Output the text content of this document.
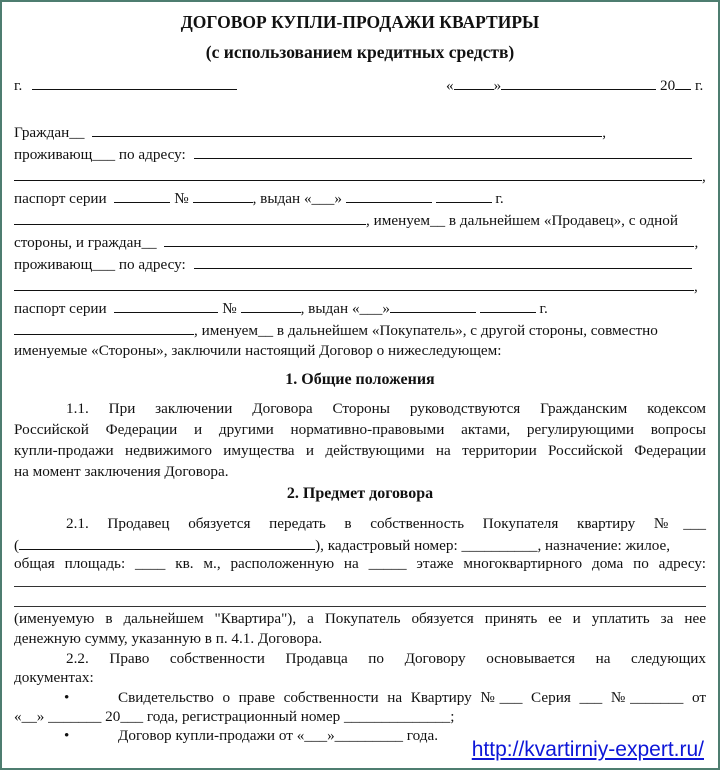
ДОГОВОР КУПЛИ-ПРОДАЖИ КВАРТИРЫ
(с использованием кредитных средств)
г.	«	»	20 г.
Граждан__	,
проживающ___ по адресу:
,
паспорт серии	№	, выдан «___»	г.
, именуем__ в дальнейшем «Продавец», с одной
стороны, и граждан__	,
проживающ___ по адресу:
,
паспорт серии	№	, выдан «___»	г.
, именуем__ в дальнейшем «Покупатель», с другой стороны, совместно
именуемые «Стороны», заключили настоящий Договор о нижеследующем:
1. Общие положения
1.1. При заключении Договора Стороны руководствуются Гражданским кодексом
Российской Федерации и другими нормативно-правовыми актами, регулирующими вопросы
купли-продажи недвижимого имущества и действующими на территории Российской Федерации
на момент заключения Договора.
2. Предмет договора
2.1. Продавец обязуется передать в собственность Покупателя квартиру №___
(	), кадастровый номер: __________, назначение: жилое,
общая площадь: ____ кв. м., расположенную на _____ этаже многоквартирного дома по адресу:
(именуемую в дальнейшем "Квартира"), а Покупатель обязуется принять ее и уплатить за нее
денежную сумму, указанную в п. 4.1. Договора.
2.2. Право собственности Продавца по Договору основывается на следующих
документах:
•	Свидетельство о праве собственности на Квартиру №___ Серия ___ №_______ от
«__» _______ 20___ года, регистрационный номер ______________;
•	Договор купли-продажи от «___»_________ года.
http://kvartirniy-expert.ru/
